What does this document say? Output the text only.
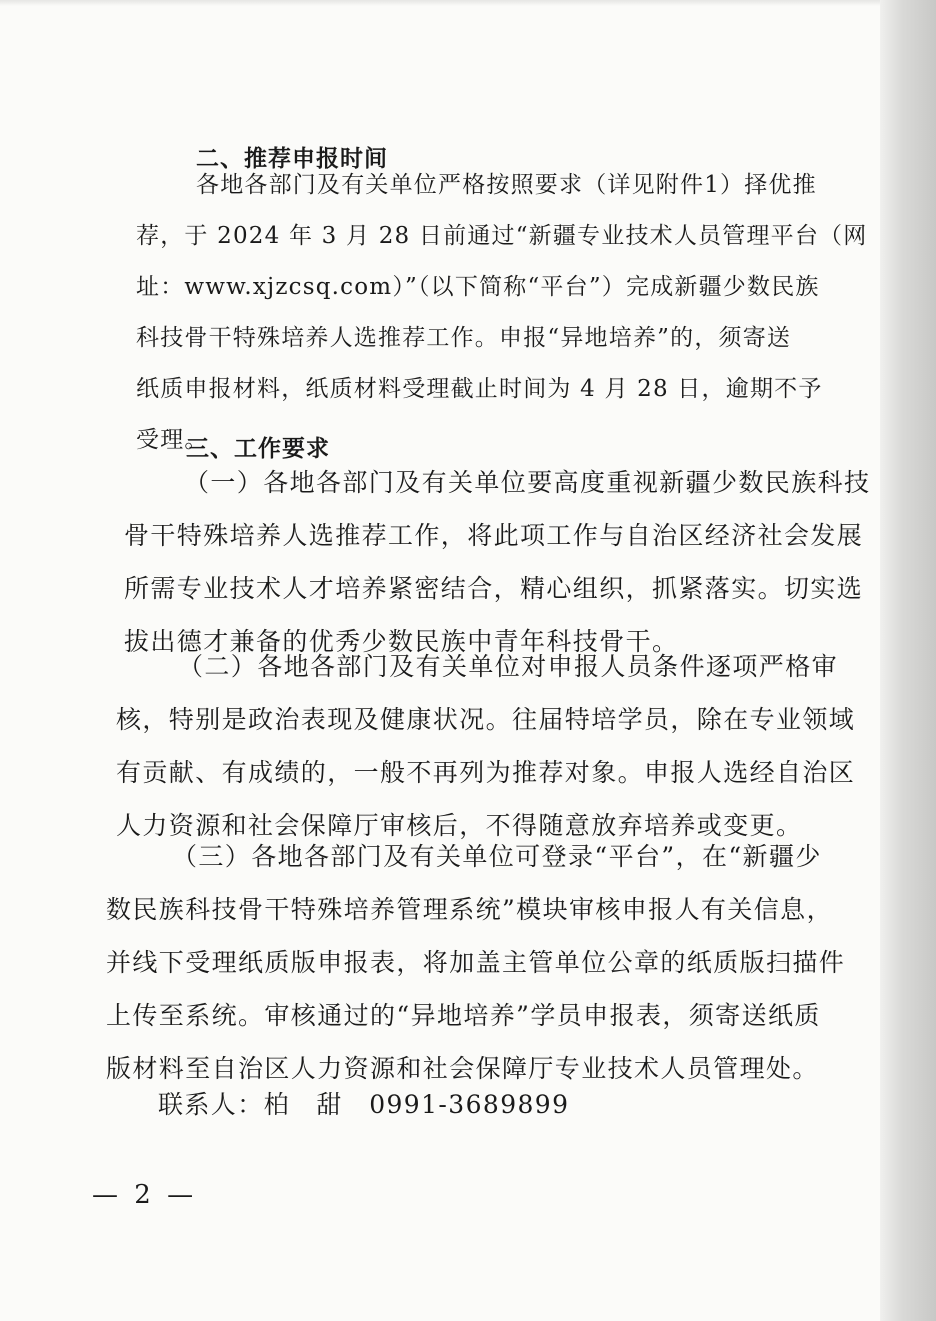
二、推荐申报时间
各地各部门及有关单位严格按照要求（详见附件1）择优推
荐，于 2024 年 3 月 28 日前通过“新疆专业技术人员管理平台（网
址：www.xjzcsq.com）”（以下简称“平台”）完成新疆少数民族
科技骨干特殊培养人选推荐工作。申报“异地培养”的，须寄送
纸质申报材料，纸质材料受理截止时间为 4 月 28 日，逾期不予
受理。
三、工作要求
（一）各地各部门及有关单位要高度重视新疆少数民族科技
骨干特殊培养人选推荐工作，将此项工作与自治区经济社会发展
所需专业技术人才培养紧密结合，精心组织，抓紧落实。切实选
拔出德才兼备的优秀少数民族中青年科技骨干。
（二）各地各部门及有关单位对申报人员条件逐项严格审
核，特别是政治表现及健康状况。往届特培学员，除在专业领域
有贡献、有成绩的，一般不再列为推荐对象。申报人选经自治区
人力资源和社会保障厅审核后，不得随意放弃培养或变更。
（三）各地各部门及有关单位可登录“平台”，在“新疆少
数民族科技骨干特殊培养管理系统”模块审核申报人有关信息，
并线下受理纸质版申报表，将加盖主管单位公章的纸质版扫描件
上传至系统。审核通过的“异地培养”学员申报表，须寄送纸质
版材料至自治区人力资源和社会保障厅专业技术人员管理处。
联系人：柏　甜　0991-3689899
— 2 —
